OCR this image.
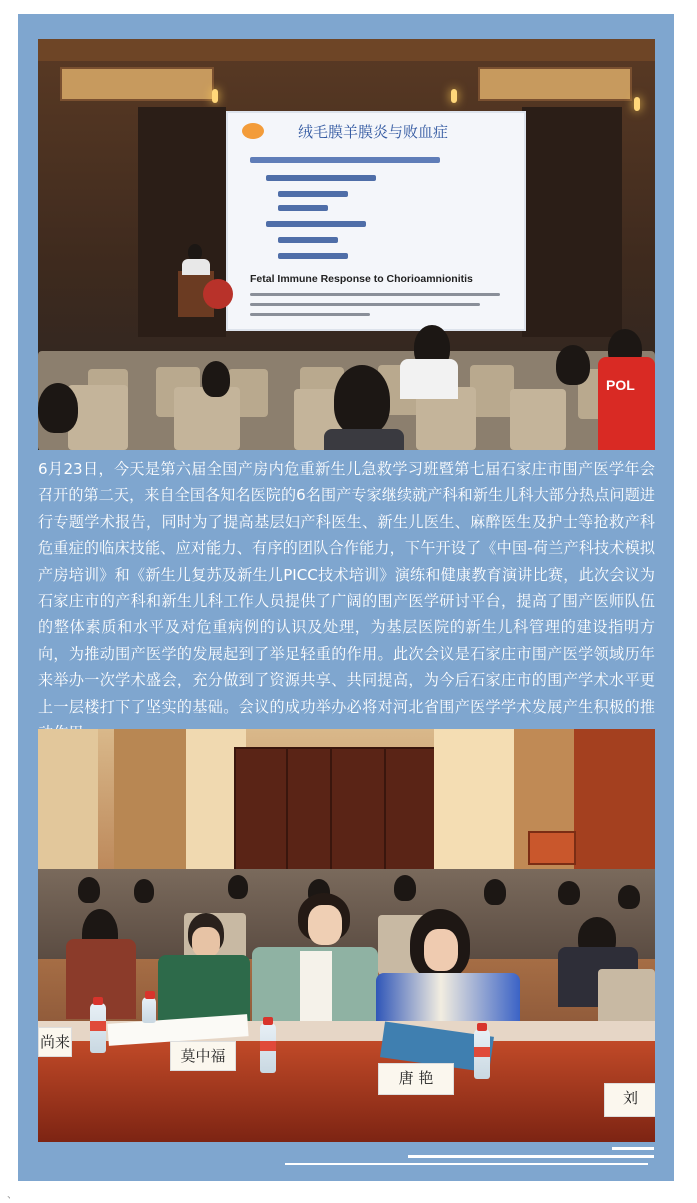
绒毛膜羊膜炎与败血症
Fetal Immune Response to Chorioamnionitis
POL

6月23日，今天是第六届全国产房内危重新生儿急救学习班暨第七届石家庄市围产医学年会召开的第二天，来自全国各知名医院的6名围产专家继续就产科和新生儿科大部分热点问题进行专题学术报告，同时为了提高基层妇产科医生、新生儿医生、麻醉医生及护士等抢救产科危重症的临床技能、应对能力、有序的团队合作能力，下午开设了《中国-荷兰产科技术模拟产房培训》和《新生儿复苏及新生儿PICC技术培训》演练和健康教育演讲比赛，此次会议为石家庄市的产科和新生儿科工作人员提供了广阔的围产医学研讨平台，提高了围产医师队伍的整体素质和水平及对危重病例的认识及处理，为基层医院的新生儿科管理的建设指明方向，为推动围产医学的发展起到了举足轻重的作用。此次会议是石家庄市围产医学领域历年来举办一次学术盛会，充分做到了资源共享、共同提高，为今后石家庄市的围产学术水平更上一层楼打下了坚实的基础。会议的成功举办必将对河北省围产医学学术发展产生积极的推

尚来
莫中福
唐 艳
刘
、
